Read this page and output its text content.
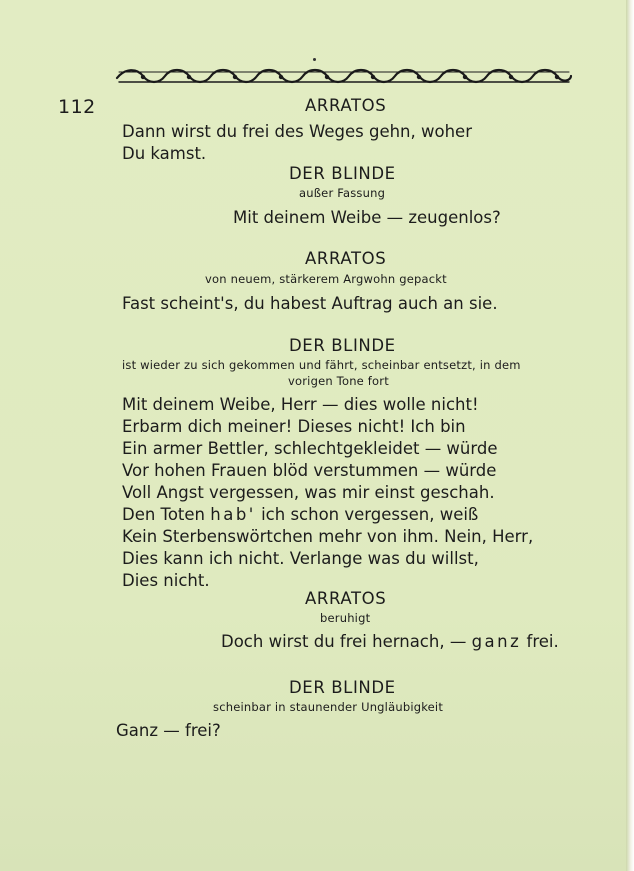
112	ARRATOS
Dann wirst du frei des Weges gehn, woher
Du kamst.
DER BLINDE
außer Fassung
Mit deinem Weibe — zeugenlos?
ARRATOS
von neuem, stärkerem Argwohn gepackt
Fast scheint's, du habest Auftrag auch an sie.
DER BLINDE
ist wieder zu sich gekommen und fährt, scheinbar entsetzt, in dem
vorigen Tone fort
Mit deinem Weibe, Herr — dies wolle nicht!
Erbarm dich meiner! Dieses nicht! Ich bin
Ein armer Bettler, schlechtgekleidet — würde
Vor hohen Frauen blöd verstummen — würde
Voll Angst vergessen, was mir einst geschah.
Den Toten hab' ich schon vergessen, weiß
Kein Sterbenswörtchen mehr von ihm. Nein, Herr,
Dies kann ich nicht. Verlange was du willst,
Dies nicht.
ARRATOS
beruhigt
Doch wirst du frei hernach, — ganz frei.
DER BLINDE
scheinbar in staunender Ungläubigkeit
Ganz — frei?
